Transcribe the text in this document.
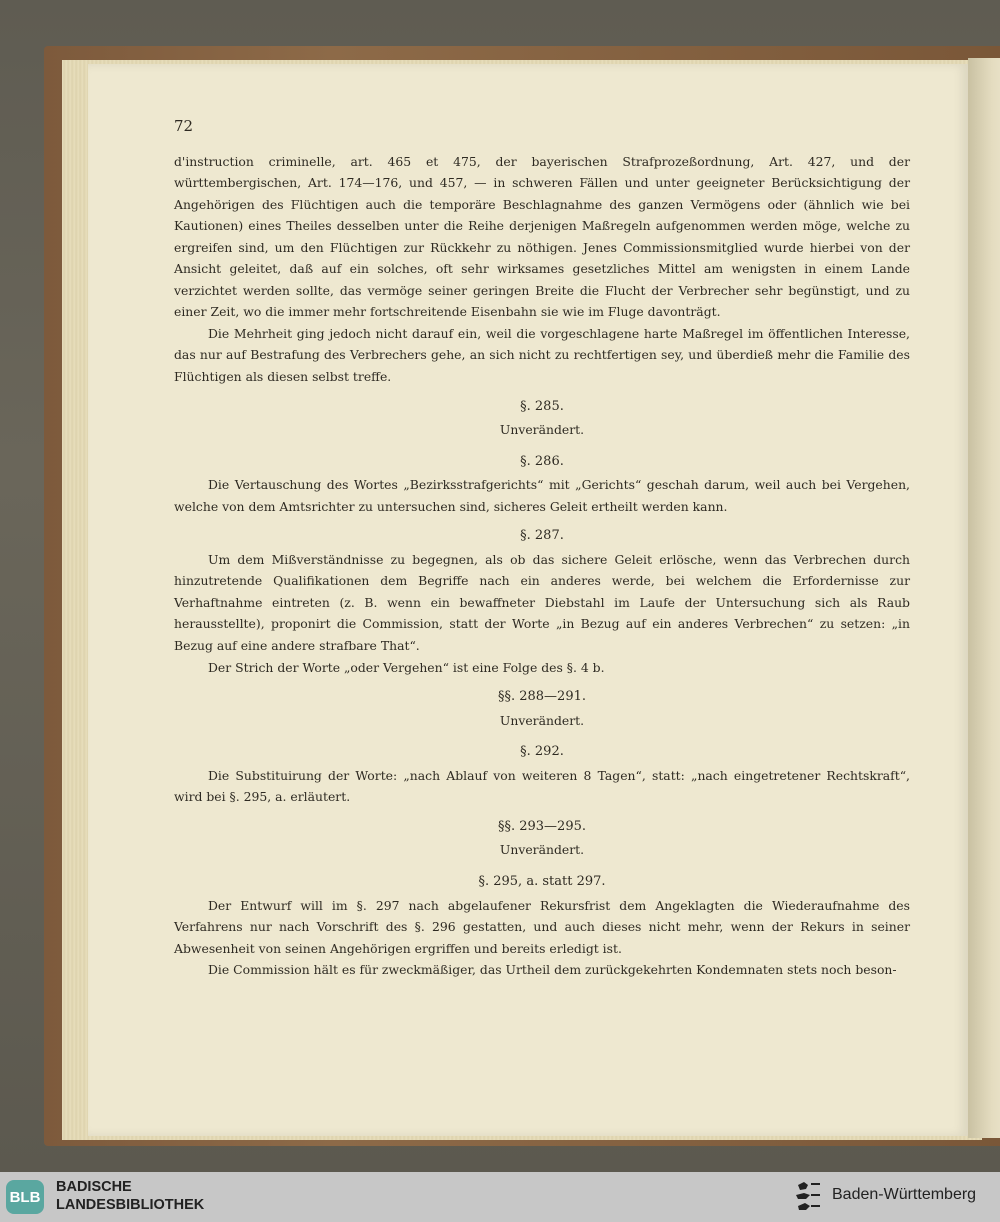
72
d'instruction criminelle, art. 465 et 475, der bayerischen Strafprozeßordnung, Art. 427, und der württembergischen, Art. 174—176, und 457, — in schweren Fällen und unter geeigneter Berücksichtigung der Angehörigen des Flüchtigen auch die temporäre Beschlagnahme des ganzen Vermögens oder (ähnlich wie bei Kautionen) eines Theiles desselben unter die Reihe derjenigen Maßregeln aufgenommen werden möge, welche zu ergreifen sind, um den Flüchtigen zur Rückkehr zu nöthigen. Jenes Commissionsmitglied wurde hierbei von der Ansicht geleitet, daß auf ein solches, oft sehr wirksames gesetzliches Mittel am wenigsten in einem Lande verzichtet werden sollte, das vermöge seiner geringen Breite die Flucht der Verbrecher sehr begünstigt, und zu einer Zeit, wo die immer mehr fortschreitende Eisenbahn sie wie im Fluge davonträgt.
Die Mehrheit ging jedoch nicht darauf ein, weil die vorgeschlagene harte Maßregel im öffentlichen Interesse, das nur auf Bestrafung des Verbrechers gehe, an sich nicht zu rechtfertigen sey, und überdieß mehr die Familie des Flüchtigen als diesen selbst treffe.
§. 285.
Unverändert.
§. 286.
Die Vertauschung des Wortes „Bezirksstrafgerichts“ mit „Gerichts“ geschah darum, weil auch bei Vergehen, welche von dem Amtsrichter zu untersuchen sind, sicheres Geleit ertheilt werden kann.
§. 287.
Um dem Mißverständnisse zu begegnen, als ob das sichere Geleit erlösche, wenn das Verbrechen durch hinzutretende Qualifikationen dem Begriffe nach ein anderes werde, bei welchem die Erfordernisse zur Verhaftnahme eintreten (z. B. wenn ein bewaffneter Diebstahl im Laufe der Untersuchung sich als Raub herausstellte), proponirt die Commission, statt der Worte „in Bezug auf ein anderes Verbrechen“ zu setzen: „in Bezug auf eine andere strafbare That“.
Der Strich der Worte „oder Vergehen“ ist eine Folge des §. 4 b.
§§. 288—291.
Unverändert.
§. 292.
Die Substituirung der Worte: „nach Ablauf von weiteren 8 Tagen“, statt: „nach eingetretener Rechtskraft“, wird bei §. 295, a. erläutert.
§§. 293—295.
Unverändert.
§. 295, a. statt 297.
Der Entwurf will im §. 297 nach abgelaufener Rekursfrist dem Angeklagten die Wiederaufnahme des Verfahrens nur nach Vorschrift des §. 296 gestatten, und auch dieses nicht mehr, wenn der Rekurs in seiner Abwesenheit von seinen Angehörigen ergriffen und bereits erledigt ist.
Die Commission hält es für zweckmäßiger, das Urtheil dem zurückgekehrten Kondemnaten stets noch beson-
BLB
BADISCHE
LANDESBIBLIOTHEK
Baden-Württemberg
